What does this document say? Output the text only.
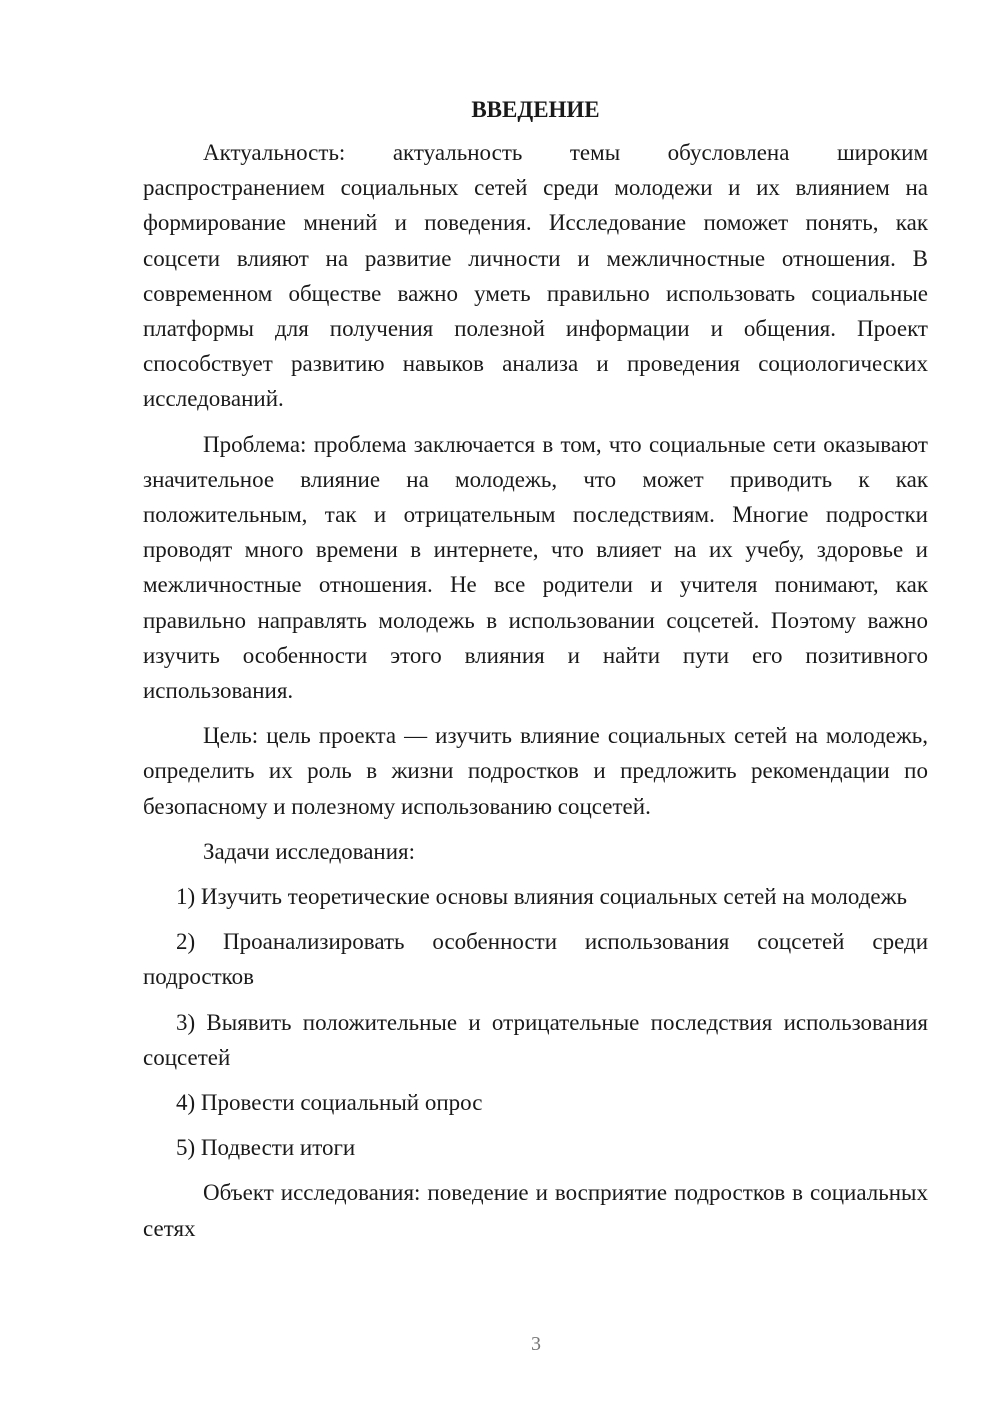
ВВЕДЕНИЕ

Актуальность: актуальность темы обусловлена широким распространением социальных сетей среди молодежи и их влиянием на формирование мнений и поведения. Исследование поможет понять, как соцсети влияют на развитие личности и межличностные отношения. В современном обществе важно уметь правильно использовать социальные платформы для получения полезной информации и общения. Проект способствует развитию навыков анализа и проведения социологических исследований.

Проблема: проблема заключается в том, что социальные сети оказывают значительное влияние на молодежь, что может приводить к как положительным, так и отрицательным последствиям. Многие подростки проводят много времени в интернете, что влияет на их учебу, здоровье и межличностные отношения. Не все родители и учителя понимают, как правильно направлять молодежь в использовании соцсетей. Поэтому важно изучить особенности этого влияния и найти пути его позитивного использования.

Цель: цель проекта — изучить влияние социальных сетей на молодежь, определить их роль в жизни подростков и предложить рекомендации по безопасному и полезному использованию соцсетей.

Задачи исследования:

1) Изучить теоретические основы влияния социальных сетей на молодежь

2) Проанализировать особенности использования соцсетей среди подростков

3) Выявить положительные и отрицательные последствия использования соцсетей

4) Провести социальный опрос

5) Подвести итоги

Объект исследования: поведение и восприятие подростков в социальных сетях

3
